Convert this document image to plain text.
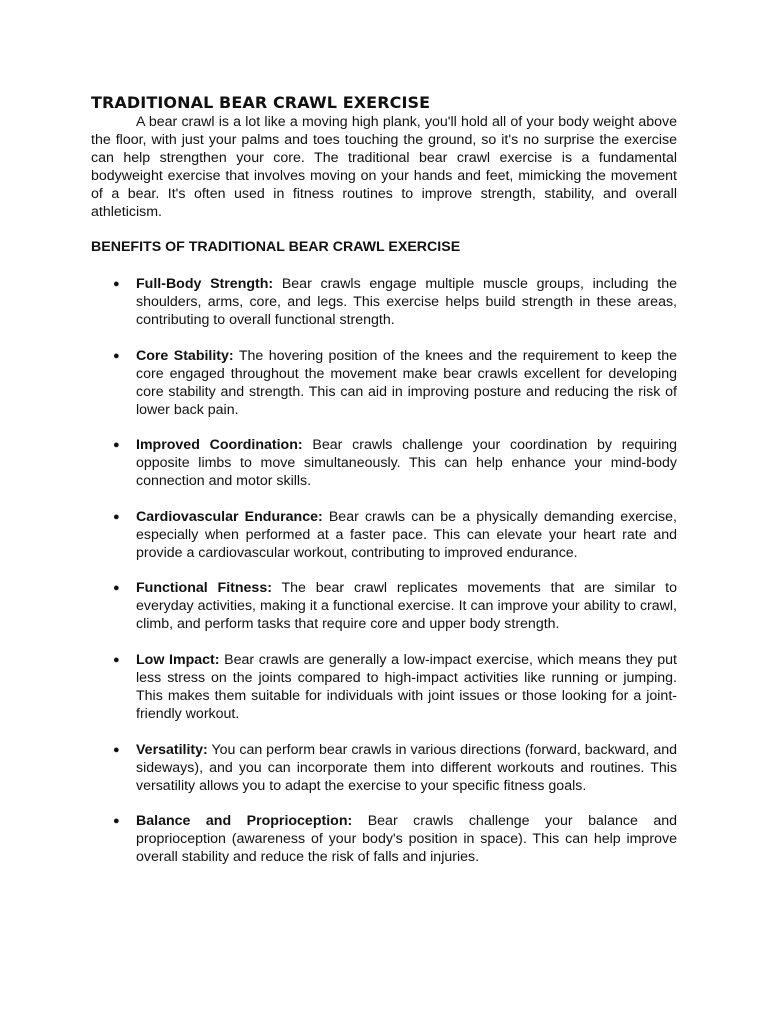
TRADITIONAL BEAR CRAWL EXERCISE

A bear crawl is a lot like a moving high plank, you'll hold all of your body weight above the floor, with just your palms and toes touching the ground, so it's no surprise the exercise can help strengthen your core. The traditional bear crawl exercise is a fundamental bodyweight exercise that involves moving on your hands and feet, mimicking the movement of a bear. It's often used in fitness routines to improve strength, stability, and overall athleticism.

BENEFITS OF TRADITIONAL BEAR CRAWL EXERCISE
● Full-Body Strength: Bear crawls engage multiple muscle groups, including the shoulders, arms, core, and legs. This exercise helps build strength in these areas, contributing to overall functional strength.
● Core Stability: The hovering position of the knees and the requirement to keep the core engaged throughout the movement make bear crawls excellent for developing core stability and strength. This can aid in improving posture and reducing the risk of lower back pain.
● Improved Coordination: Bear crawls challenge your coordination by requiring opposite limbs to move simultaneously. This can help enhance your mind-body connection and motor skills.
● Cardiovascular Endurance: Bear crawls can be a physically demanding exercise, especially when performed at a faster pace. This can elevate your heart rate and provide a cardiovascular workout, contributing to improved endurance.
● Functional Fitness: The bear crawl replicates movements that are similar to everyday activities, making it a functional exercise. It can improve your ability to crawl, climb, and perform tasks that require core and upper body strength.
● Low Impact: Bear crawls are generally a low-impact exercise, which means they put less stress on the joints compared to high-impact activities like running or jumping. This makes them suitable for individuals with joint issues or those looking for a joint-friendly workout.
● Versatility: You can perform bear crawls in various directions (forward, backward, and sideways), and you can incorporate them into different workouts and routines. This versatility allows you to adapt the exercise to your specific fitness goals.
● Balance and Proprioception: Bear crawls challenge your balance and proprioception (awareness of your body's position in space). This can help improve overall stability and reduce the risk of falls and injuries.
